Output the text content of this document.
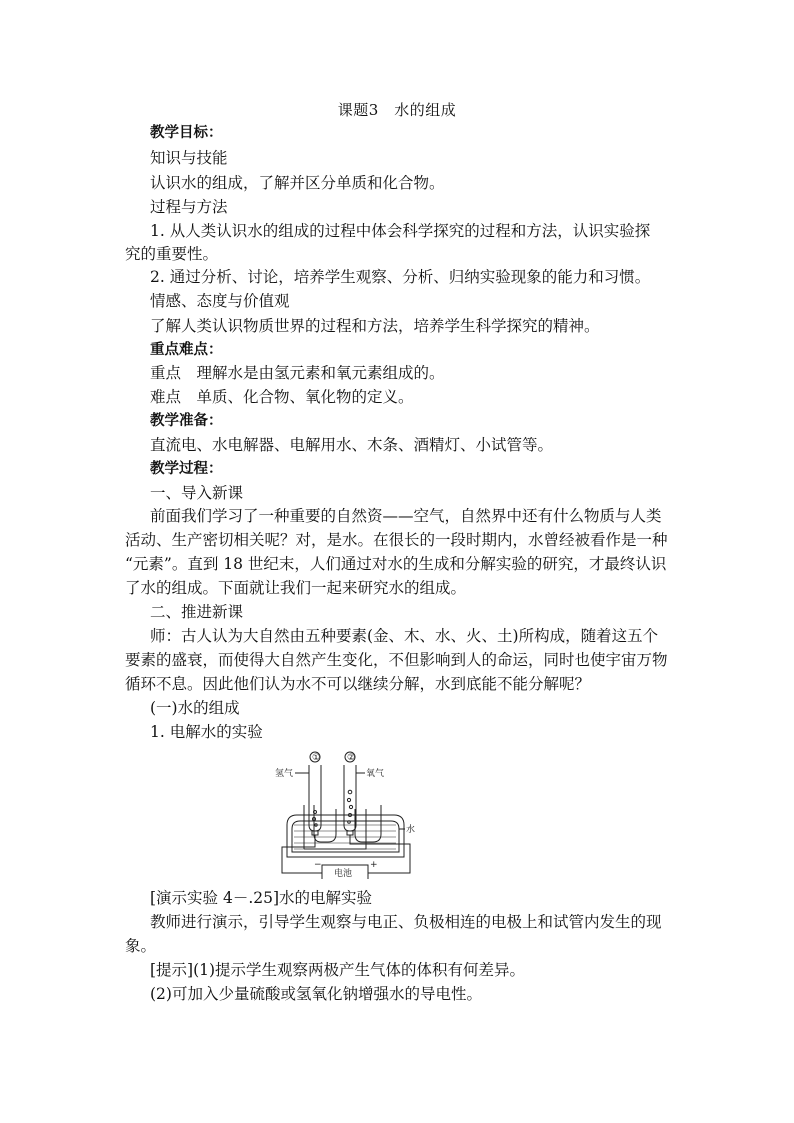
课题3　水的组成
教学目标：
知识与技能
认识水的组成，了解并区分单质和化合物。
过程与方法
1. 从人类认识水的组成的过程中体会科学探究的过程和方法，认识实验探
究的重要性。
2. 通过分析、讨论，培养学生观察、分析、归纳实验现象的能力和习惯。
情感、态度与价值观
了解人类认识物质世界的过程和方法，培养学生科学探究的精神。
重点难点：
重点　理解水是由氢元素和氧元素组成的。
难点　单质、化合物、氧化物的定义。
教学准备：
直流电、水电解器、电解用水、木条、酒精灯、小试管等。
教学过程：
一、导入新课
前面我们学习了一种重要的自然资——空气，自然界中还有什么物质与人类
活动、生产密切相关呢？对，是水。在很长的一段时期内，水曾经被看作是一种
“元素”。直到 18 世纪末，人们通过对水的生成和分解实验的研究，才最终认识
了水的组成。下面就让我们一起来研究水的组成。
二、推进新课
师：古人认为大自然由五种要素(金、木、水、火、土)所构成，随着这五个
要素的盛衰，而使得大自然产生变化，不但影响到人的命运，同时也使宇宙万物
循环不息。因此他们认为水不可以继续分解，水到底能不能分解呢？
(一)水的组成
1. 电解水的实验
①	②
氢气	氧气
水
电池
−	+
[演示实验 4－.25]水的电解实验
教师进行演示，引导学生观察与电正、负极相连的电极上和试管内发生的现
象。
[提示](1)提示学生观察两极产生气体的体积有何差异。
(2)可加入少量硫酸或氢氧化钠增强水的导电性。
